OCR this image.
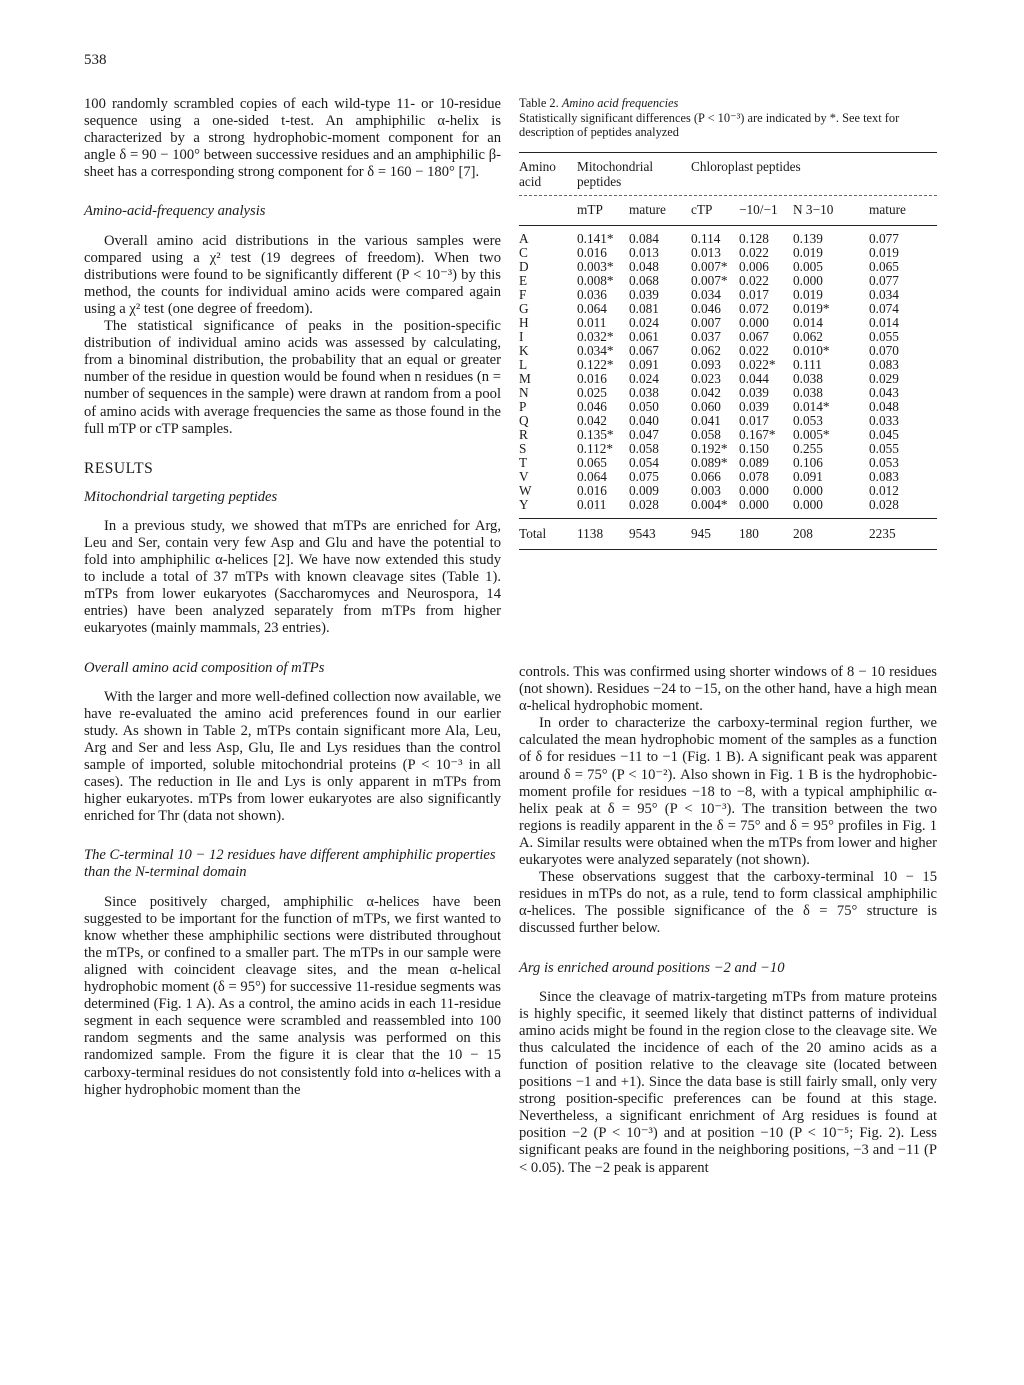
538

100 randomly scrambled copies of each wild-type 11- or 10-residue sequence using a one-sided t-test. An amphiphilic α-helix is characterized by a strong hydrophobic-moment component for an angle δ = 90 − 100° between successive residues and an amphiphilic β-sheet has a corresponding strong component for δ = 160 − 180° [7].

Amino-acid-frequency analysis

Overall amino acid distributions in the various samples were compared using a χ² test (19 degrees of freedom). When two distributions were found to be significantly different (P < 10⁻³) by this method, the counts for individual amino acids were compared again using a χ² test (one degree of freedom).

The statistical significance of peaks in the position-specific distribution of individual amino acids was assessed by calculating, from a binominal distribution, the probability that an equal or greater number of the residue in question would be found when n residues (n = number of sequences in the sample) were drawn at random from a pool of amino acids with average frequencies the same as those found in the full mTP or cTP samples.

RESULTS
Mitochondrial targeting peptides

In a previous study, we showed that mTPs are enriched for Arg, Leu and Ser, contain very few Asp and Glu and have the potential to fold into amphiphilic α-helices [2]. We have now extended this study to include a total of 37 mTPs with known cleavage sites (Table 1). mTPs from lower eukaryotes (Saccharomyces and Neurospora, 14 entries) have been analyzed separately from mTPs from higher eukaryotes (mainly mammals, 23 entries).

Overall amino acid composition of mTPs

With the larger and more well-defined collection now available, we have re-evaluated the amino acid preferences found in our earlier study. As shown in Table 2, mTPs contain significant more Ala, Leu, Arg and Ser and less Asp, Glu, Ile and Lys residues than the control sample of imported, soluble mitochondrial proteins (P < 10⁻³ in all cases). The reduction in Ile and Lys is only apparent in mTPs from higher eukaryotes. mTPs from lower eukaryotes are also significantly enriched for Thr (data not shown).

The C-terminal 10 − 12 residues have different amphiphilic properties than the N-terminal domain

Since positively charged, amphiphilic α-helices have been suggested to be important for the function of mTPs, we first wanted to know whether these amphiphilic sections were distributed throughout the mTPs, or confined to a smaller part. The mTPs in our sample were aligned with coincident cleavage sites, and the mean α-helical hydrophobic moment (δ = 95°) for successive 11-residue segments was determined (Fig. 1 A). As a control, the amino acids in each 11-residue segment in each sequence were scrambled and reassembled into 100 random segments and the same analysis was performed on this randomized sample. From the figure it is clear that the 10 − 15 carboxy-terminal residues do not consistently fold into α-helices with a higher hydrophobic moment than the

Table 2. Amino acid frequencies
Statistically significant differences (P < 10⁻³) are indicated by *. See text for description of peptides analyzed
Amino acid	Mitochondrial peptides	Chloroplast peptides
	mTP	mature	cTP	−10/−1	N 3−10	mature

A	0.141*	0.084	0.114	0.128	0.139	0.077
C	0.016	0.013	0.013	0.022	0.019	0.019
D	0.003*	0.048	0.007*	0.006	0.005	0.065
E	0.008*	0.068	0.007*	0.022	0.000	0.077
F	0.036	0.039	0.034	0.017	0.019	0.034
G	0.064	0.081	0.046	0.072	0.019*	0.074
H	0.011	0.024	0.007	0.000	0.014	0.014
I	0.032*	0.061	0.037	0.067	0.062	0.055
K	0.034*	0.067	0.062	0.022	0.010*	0.070
L	0.122*	0.091	0.093	0.022*	0.111	0.083
M	0.016	0.024	0.023	0.044	0.038	0.029
N	0.025	0.038	0.042	0.039	0.038	0.043
P	0.046	0.050	0.060	0.039	0.014*	0.048
Q	0.042	0.040	0.041	0.017	0.053	0.033
R	0.135*	0.047	0.058	0.167*	0.005*	0.045
S	0.112*	0.058	0.192*	0.150	0.255	0.055
T	0.065	0.054	0.089*	0.089	0.106	0.053
V	0.064	0.075	0.066	0.078	0.091	0.083
W	0.016	0.009	0.003	0.000	0.000	0.012
Y	0.011	0.028	0.004*	0.000	0.000	0.028

Total	1138	9543	945	180	208	2235

controls. This was confirmed using shorter windows of 8 − 10 residues (not shown). Residues −24 to −15, on the other hand, have a high mean α-helical hydrophobic moment.

In order to characterize the carboxy-terminal region further, we calculated the mean hydrophobic moment of the samples as a function of δ for residues −11 to −1 (Fig. 1 B). A significant peak was apparent around δ = 75° (P < 10⁻²). Also shown in Fig. 1 B is the hydrophobic-moment profile for residues −18 to −8, with a typical amphiphilic α-helix peak at δ = 95° (P < 10⁻³). The transition between the two regions is readily apparent in the δ = 75° and δ = 95° profiles in Fig. 1 A. Similar results were obtained when the mTPs from lower and higher eukaryotes were analyzed separately (not shown).

These observations suggest that the carboxy-terminal 10 − 15 residues in mTPs do not, as a rule, tend to form classical amphiphilic α-helices. The possible significance of the δ = 75° structure is discussed further below.

Arg is enriched around positions −2 and −10

Since the cleavage of matrix-targeting mTPs from mature proteins is highly specific, it seemed likely that distinct patterns of individual amino acids might be found in the region close to the cleavage site. We thus calculated the incidence of each of the 20 amino acids as a function of position relative to the cleavage site (located between positions −1 and +1). Since the data base is still fairly small, only very strong position-specific preferences can be found at this stage. Nevertheless, a significant enrichment of Arg residues is found at position −2 (P < 10⁻³) and at position −10 (P < 10⁻⁵; Fig. 2). Less significant peaks are found in the neighboring positions, −3 and −11 (P < 0.05). The −2 peak is apparent
